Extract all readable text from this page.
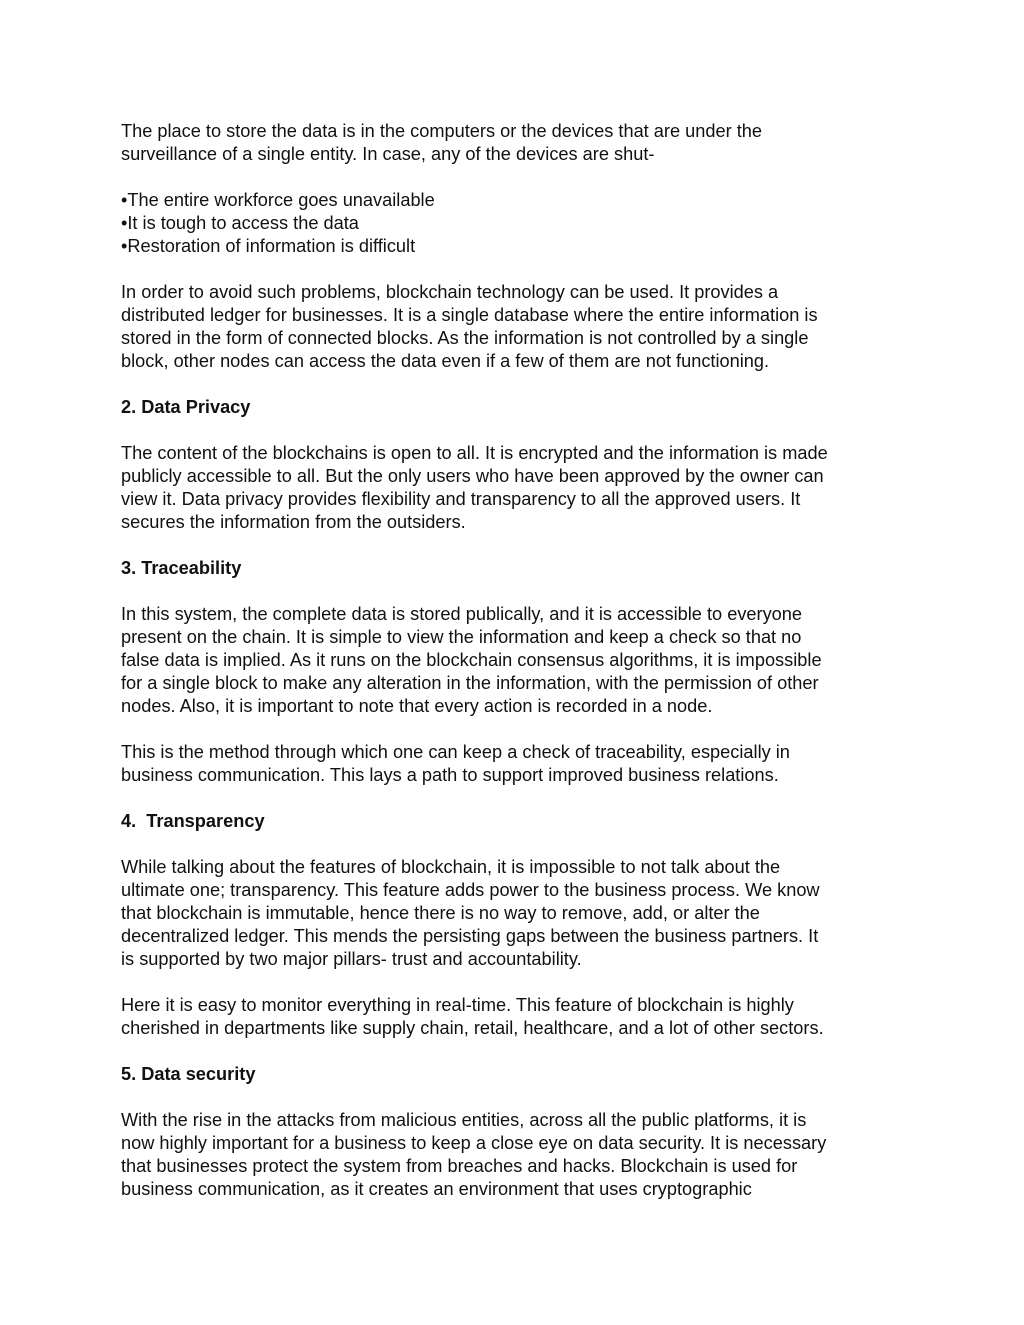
The place to store the data is in the computers or the devices that are under the
surveillance of a single entity. In case, any of the devices are shut-
•The entire workforce goes unavailable
•It is tough to access the data
•Restoration of information is difficult
In order to avoid such problems, blockchain technology can be used. It provides a
distributed ledger for businesses. It is a single database where the entire information is
stored in the form of connected blocks. As the information is not controlled by a single
block, other nodes can access the data even if a few of them are not functioning.
2. Data Privacy
The content of the blockchains is open to all. It is encrypted and the information is made
publicly accessible to all. But the only users who have been approved by the owner can
view it. Data privacy provides flexibility and transparency to all the approved users. It
secures the information from the outsiders.
3. Traceability
In this system, the complete data is stored publically, and it is accessible to everyone
present on the chain. It is simple to view the information and keep a check so that no
false data is implied. As it runs on the blockchain consensus algorithms, it is impossible
for a single block to make any alteration in the information, with the permission of other
nodes. Also, it is important to note that every action is recorded in a node.
This is the method through which one can keep a check of traceability, especially in
business communication. This lays a path to support improved business relations.
4.  Transparency
While talking about the features of blockchain, it is impossible to not talk about the
ultimate one; transparency. This feature adds power to the business process. We know
that blockchain is immutable, hence there is no way to remove, add, or alter the
decentralized ledger. This mends the persisting gaps between the business partners. It
is supported by two major pillars- trust and accountability.
Here it is easy to monitor everything in real-time. This feature of blockchain is highly
cherished in departments like supply chain, retail, healthcare, and a lot of other sectors.
5. Data security
With the rise in the attacks from malicious entities, across all the public platforms, it is
now highly important for a business to keep a close eye on data security. It is necessary
that businesses protect the system from breaches and hacks. Blockchain is used for
business communication, as it creates an environment that uses cryptographic
